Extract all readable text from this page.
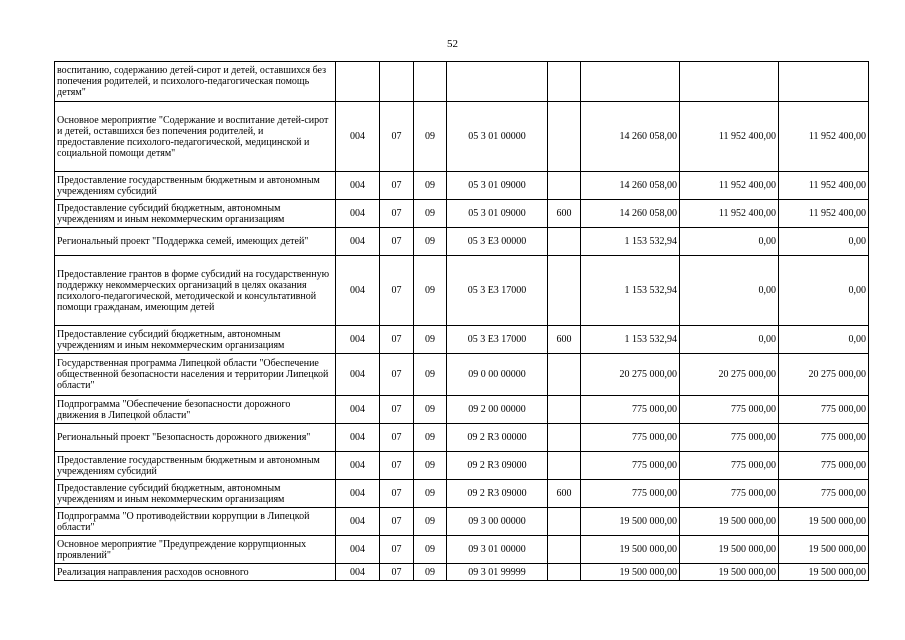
52
воспитанию, содержанию детей-сирот и детей, оставшихся без попечения родителей, и психолого-педагогическая помощь детям"								
Основное мероприятие "Содержание и воспитание детей-сирот и детей, оставшихся без попечения родителей, и предоставление психолого-педагогической, медицинской и социальной помощи детям"	004	07	09	05 3 01 00000		14 260 058,00	11 952 400,00	11 952 400,00
Предоставление государственным бюджетным и автономным учреждениям субсидий	004	07	09	05 3 01 09000		14 260 058,00	11 952 400,00	11 952 400,00
Предоставление субсидий бюджетным, автономным учреждениям и иным некоммерческим организациям	004	07	09	05 3 01 09000	600	14 260 058,00	11 952 400,00	11 952 400,00
Региональный проект "Поддержка семей, имеющих детей"	004	07	09	05 3 Е3 00000		1 153 532,94	0,00	0,00
Предоставление грантов в форме субсидий на государственную поддержку некоммерческих организаций в целях оказания психолого-педагогической, методической и консультативной помощи гражданам, имеющим детей	004	07	09	05 3 Е3 17000		1 153 532,94	0,00	0,00
Предоставление субсидий бюджетным, автономным учреждениям и иным некоммерческим организациям	004	07	09	05 3 Е3 17000	600	1 153 532,94	0,00	0,00
Государственная программа Липецкой области "Обеспечение общественной безопасности населения и территории Липецкой области"	004	07	09	09 0 00 00000		20 275 000,00	20 275 000,00	20 275 000,00
Подпрограмма "Обеспечение безопасности дорожного движения в Липецкой области"	004	07	09	09 2 00 00000		775 000,00	775 000,00	775 000,00
Региональный проект "Безопасность дорожного движения"	004	07	09	09 2 R3 00000		775 000,00	775 000,00	775 000,00
Предоставление государственным бюджетным и автономным учреждениям субсидий	004	07	09	09 2 R3 09000		775 000,00	775 000,00	775 000,00
Предоставление субсидий бюджетным, автономным учреждениям и иным некоммерческим организациям	004	07	09	09 2 R3 09000	600	775 000,00	775 000,00	775 000,00
Подпрограмма "О противодействии коррупции в Липецкой области"	004	07	09	09 3 00 00000		19 500 000,00	19 500 000,00	19 500 000,00
Основное мероприятие "Предупреждение коррупционных проявлений"	004	07	09	09 3 01 00000		19 500 000,00	19 500 000,00	19 500 000,00
Реализация направления расходов основного	004	07	09	09 3 01 99999		19 500 000,00	19 500 000,00	19 500 000,00
